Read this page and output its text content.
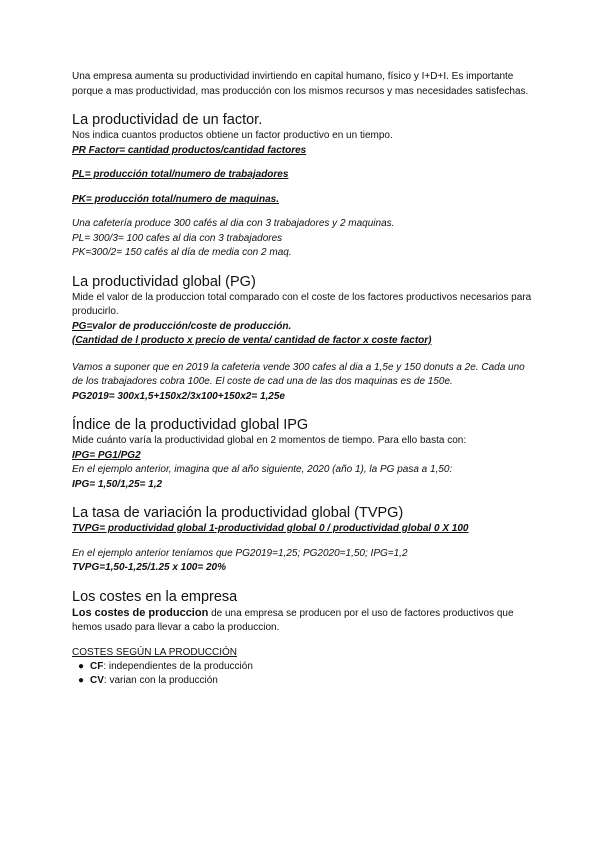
Una empresa aumenta su productividad invirtiendo en capital humano, físico y I+D+I. Es importante porque a mas productividad, mas producción con los mismos recursos y mas necesidades satisfechas.

La productividad de un factor.

Nos indica cuantos productos obtiene un factor productivo en un tiempo.

PR Factor= cantidad productos/cantidad factores

PL= producción total/numero de trabajadores

PK= producción total/numero de maquinas.

Una cafetería produce 300 cafés al dia con 3 trabajadores y 2 maquinas.

PL= 300/3= 100 cafes al dia con 3 trabajadores

PK=300/2= 150 cafés al día de media con 2 maq.

La productividad global (PG)

Mide el valor de la produccion total comparado con el coste de los factores productivos necesarios para producirlo.

PG=valor de producción/coste de producción.

(Cantidad de l producto x precio de venta/ cantidad de factor x coste factor)

Vamos a suponer que en 2019 la cafeteria vende 300 cafes al dia a 1,5e y 150 donuts a 2e. Cada uno de los trabajadores cobra 100e. El coste de cad una de las dos maquinas es de 150e.

PG2019= 300x1,5+150x2/3x100+150x2= 1,25e

Índice de la productividad global IPG

Mide cuánto varía la productividad global en 2 momentos de tiempo. Para ello basta con:

IPG= PG1/PG2

En el ejemplo anterior, imagina que al año siguiente, 2020 (año 1), la PG pasa a 1,50:

IPG= 1,50/1,25= 1,2

La tasa de variación la productividad global (TVPG)

TVPG= productividad global 1-productividad global 0 / productividad global 0 X 100

En el ejemplo anterior teníamos que PG2019=1,25; PG2020=1,50; IPG=1,2

TVPG=1,50-1,25/1.25 x 100= 20%

Los costes en la empresa

Los costes de produccion de una empresa se producen por el uso de factores productivos que hemos usado para llevar a cabo la produccion.

COSTES SEGÚN LA PRODUCCIÓN

● CF: independientes de la producción
● CV: varian con la producción
